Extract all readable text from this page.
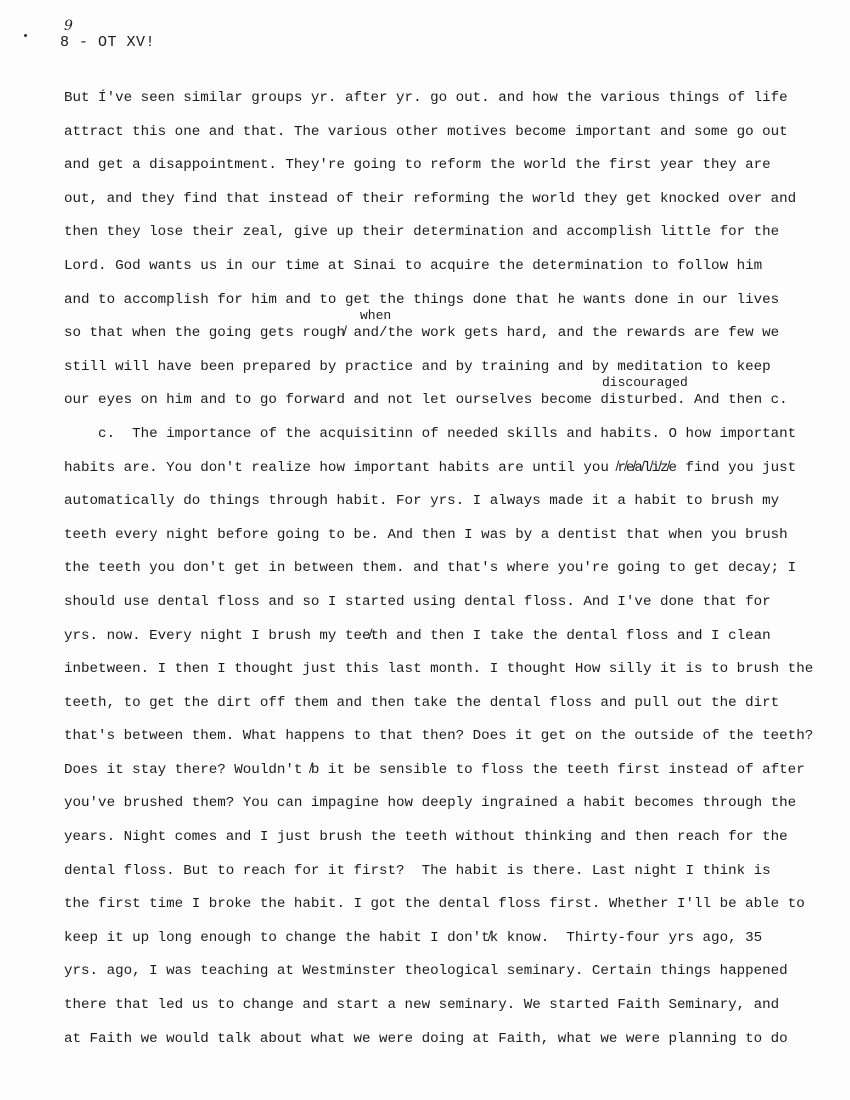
9
8 - OT XV!
But Í've seen similar groups yr. after yr. go out. and how the various things of life
attract this one and that. The various other motives become important and some go out
and get a disappointment. They're going to reform the world the first year they are
out, and they find that instead of their reforming the world they get knocked over and
then they lose their zeal, give up their determination and accomplish little for the
Lord. God wants us in our time at Sinai to acquire the determination to follow him
and to accomplish for him and to get the things done that he wants done in our lives

when

so that when the going gets rough̸ and/the work gets hard, and the rewards are few we

still will have been prepared by practice and by training and by meditation to keep

discouraged

our eyes on him and to go forward and not let ourselves become disturbed. And then c.

c.  The importance of the acquisitinn of needed skills and habits. O how important
habits are. You don't realize how important habits are until you ̸r̸e̸a̸l̸i̸z̸e find you just
automatically do things through habit. For yrs. I always made it a habit to brush my
teeth every night before going to be. And then I was by a dentist that when you brush
the teeth you don't get in between them. and that's where you're going to get decay; I
should use dental floss and so I started using dental floss. And I've done that for
yrs. now. Every night I brush my tee̸th and then I take the dental floss and I clean
inbetween. I then I thought just this last month. I thought How silly it is to brush the
teeth, to get the dirt off them and then take the dental floss and pull out the dirt
that's between them. What happens to that then? Does it get on the outside of the teeth?
Does it stay there? Wouldn't ̸b it be sensible to floss the teeth first instead of after
you've brushed them? You can impagine how deeply ingrained a habit becomes through the
years. Night comes and I just brush the teeth without thinking and then reach for the
dental floss. But to reach for it first?  The habit is there. Last night I think is
the first time I broke the habit. I got the dental floss first. Whether I'll be able to
keep it up long enough to change the habit I don't̸k know.  Thirty-four yrs ago, 35
yrs. ago, I was teaching at Westminster theological seminary. Certain things happened
there that led us to change and start a new seminary. We started Faith Seminary, and
at Faith we would talk about what we were doing at Faith, what we were planning to do
